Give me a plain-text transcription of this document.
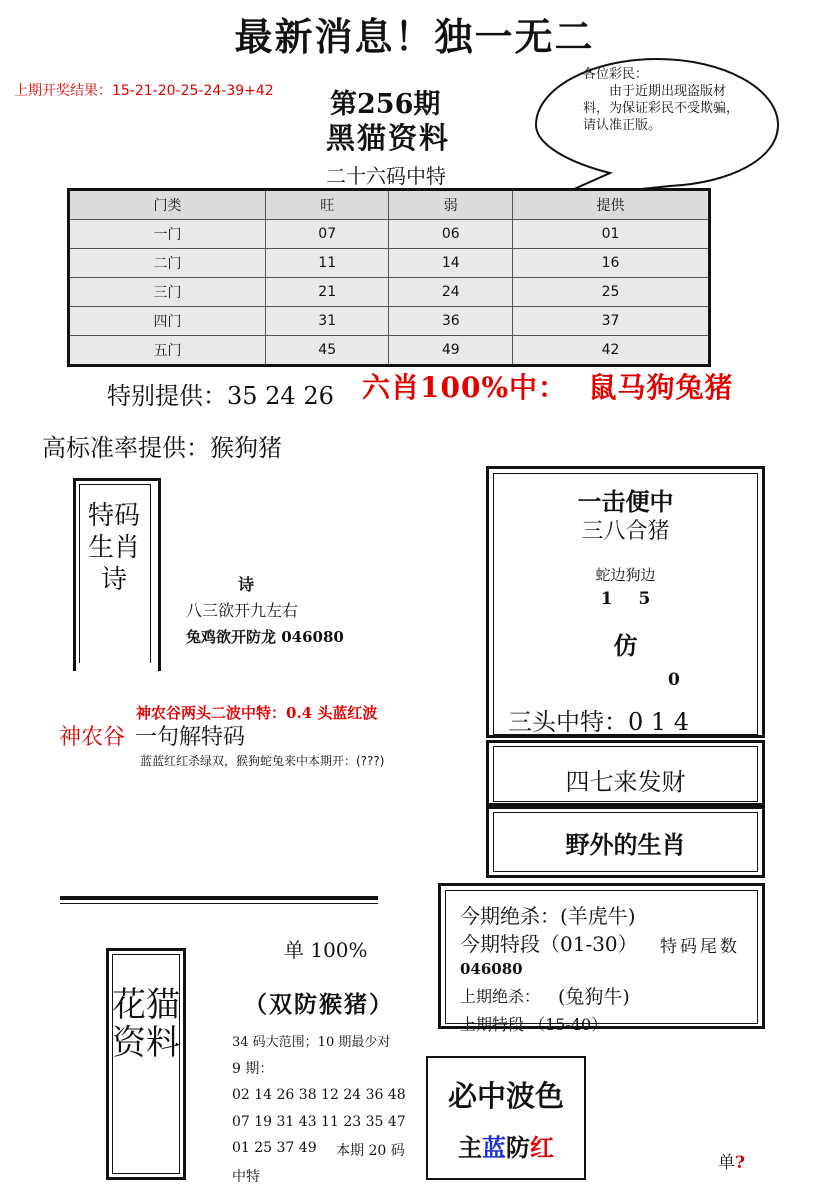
最新消息！独一无二
上期开奖结果：15-21-20-25-24-39+42 第256期
黑猫资料
二十六码中特
各位彩民：
　　由于近期出现盗版材料，为保证彩民不受欺骗，请认准正版。
门类	旺	弱	提供
一门	07	06	01
二门	11	14	16
三门	21	24	25
四门	31	36	37
五门	45	49	42
特别提供：35 24 26 六肖100%中：  鼠马狗兔猪
高标准率提供：猴狗猪
特码生肖诗	诗
八三欲开九左右
兔鸡欲开防龙 046080
神农谷两头二波中特：0.4 头蓝红波
神农谷 一句解特码
蓝蓝红红杀绿双，猴狗蛇兔来中本期开：(???)
一击便中
三八合猪
蛇边狗边
1 5
仿
0
三头中特：0 1 4
四七来发财
野外的生肖
今期绝杀：(羊虎牛)
今期特段（01-30） 特码尾数
046080
上期绝杀： (兔狗牛)
上期特段 （15-40）
单 100%
（双防猴猪）
花猫资料	34 码大范围；10 期最少对
9 期：
02 14 26 38 12 24 36 48
07 19 31 43 11 23 35 47
01 25 37 49 本期 20 码
中特
必中波色
主蓝防红
单?
